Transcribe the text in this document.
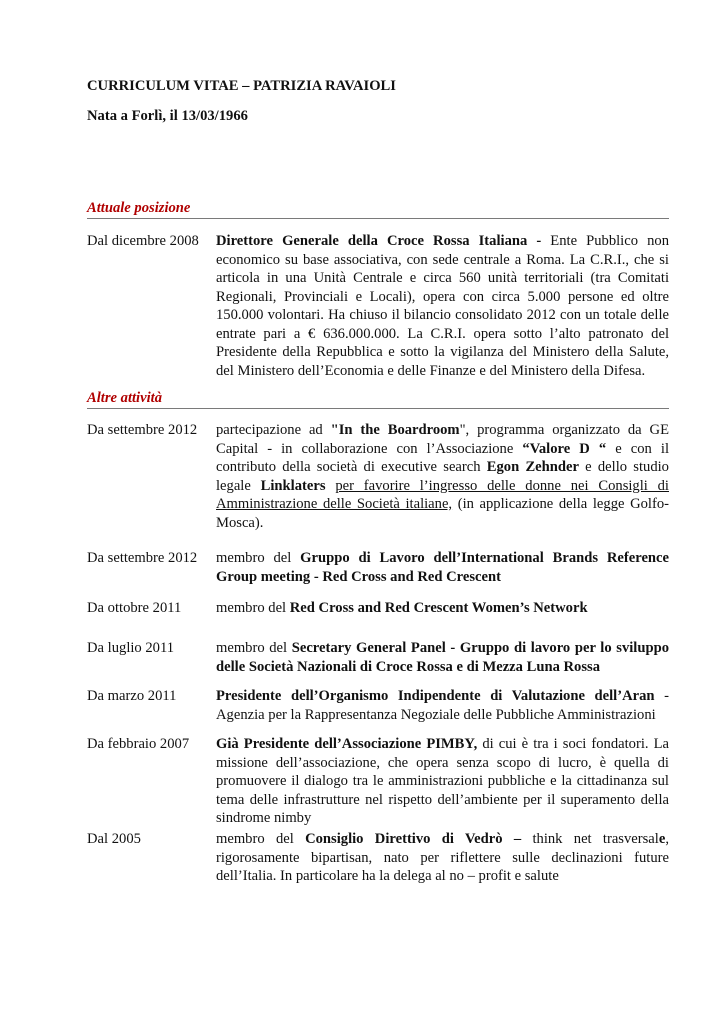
CURRICULUM VITAE – PATRIZIA RAVAIOLI
Nata a Forlì, il 13/03/1966
Attuale posizione
Dal dicembre 2008	Direttore Generale della Croce Rossa Italiana - Ente Pubblico non economico su base associativa, con sede centrale a Roma. La C.R.I., che si articola in una Unità Centrale e circa 560 unità territoriali (tra Comitati Regionali, Provinciali e Locali), opera con circa 5.000 persone ed oltre 150.000 volontari. Ha chiuso il bilancio consolidato 2012 con un totale delle entrate pari a € 636.000.000. La C.R.I. opera sotto l’alto patronato del Presidente della Repubblica e sotto la vigilanza del Ministero della Salute, del Ministero dell’Economia e delle Finanze e del Ministero della Difesa.
Altre attività
Da settembre 2012	partecipazione ad "In the Boardroom", programma organizzato da GE Capital - in collaborazione con l’Associazione “Valore D “ e con il contributo della società di executive search Egon Zehnder e dello studio legale Linklaters per favorire l’ingresso delle donne nei Consigli di Amministrazione delle Società italiane, (in applicazione della legge Golfo-Mosca).
Da settembre 2012	membro del Gruppo di Lavoro dell’International Brands Reference Group meeting - Red Cross and Red Crescent
Da ottobre 2011	membro del Red Cross and Red Crescent Women’s Network
Da luglio 2011	membro del Secretary General Panel - Gruppo di lavoro per lo sviluppo delle Società Nazionali di Croce Rossa e di Mezza Luna Rossa
Da marzo 2011	Presidente dell’Organismo Indipendente di Valutazione dell’Aran - Agenzia per la Rappresentanza Negoziale delle Pubbliche Amministrazioni
Da febbraio 2007	Già Presidente dell’Associazione PIMBY, di cui è tra i soci fondatori. La missione dell’associazione, che opera senza scopo di lucro, è quella di promuovere il dialogo tra le amministrazioni pubbliche e la cittadinanza sul tema delle infrastrutture nel rispetto dell’ambiente per il superamento della sindrome nimby
Dal 2005	membro del Consiglio Direttivo di Vedrò – think net trasversale, rigorosamente bipartisan, nato per riflettere sulle declinazioni future dell’Italia. In particolare ha la delega al no – profit e salute
